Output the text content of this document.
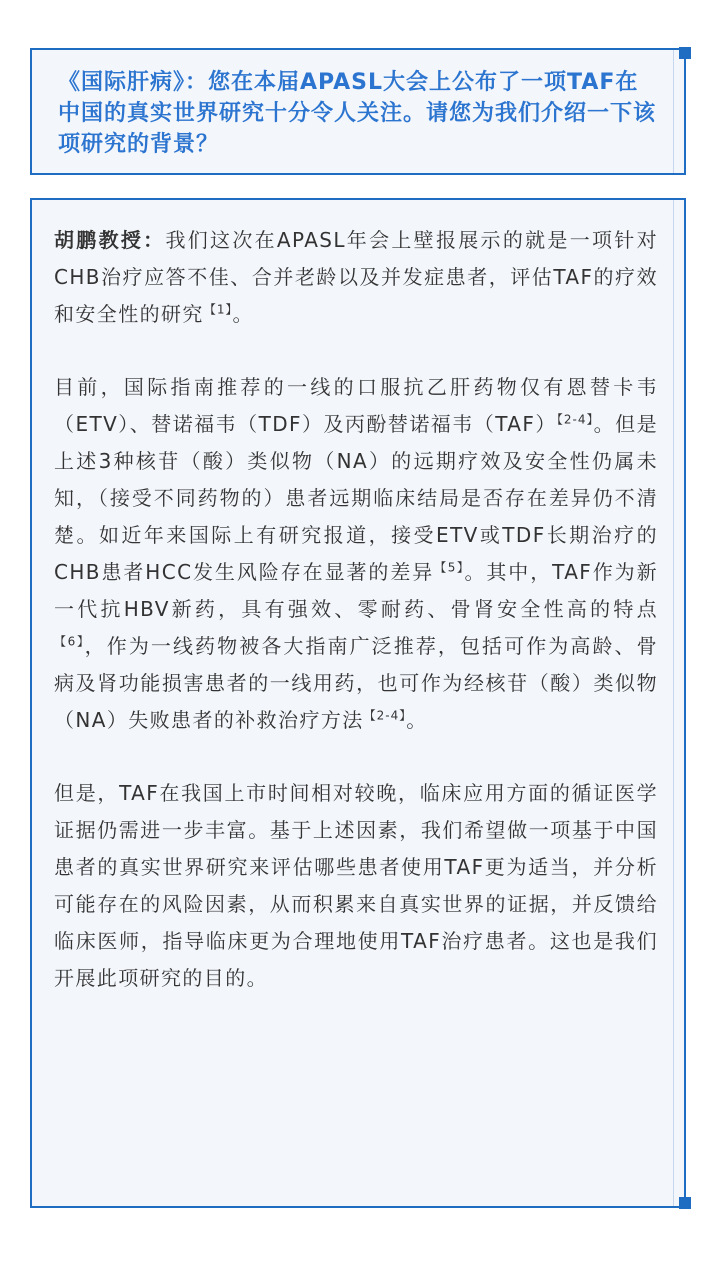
《国际肝病》：您在本届APASL大会上公布了一项TAF在中国的真实世界研究十分令人关注。请您为我们介绍一下该项研究的背景？

胡鹏教授：我们这次在APASL年会上壁报展示的就是一项针对CHB治疗应答不佳、合并老龄以及并发症患者，评估TAF的疗效和安全性的研究$^{【1】}$。

目前，国际指南推荐的一线的口服抗乙肝药物仅有恩替卡韦（ETV）、替诺福韦（TDF）及丙酚替诺福韦（TAF）$^{【2-4】}$。但是上述3种核苷（酸）类似物（NA）的远期疗效及安全性仍属未知，（接受不同药物的）患者远期临床结局是否存在差异仍不清楚。如近年来国际上有研究报道，接受ETV或TDF长期治疗的CHB患者HCC发生风险存在显著的差异$^{【5】}$。其中，TAF作为新一代抗HBV新药，具有强效、零耐药、骨肾安全性高的特点$^{【6】}$，作为一线药物被各大指南广泛推荐，包括可作为高龄、骨病及肾功能损害患者的一线用药，也可作为经核苷（酸）类似物（NA）失败患者的补救治疗方法$^{【2-4】}$。

但是，TAF在我国上市时间相对较晚，临床应用方面的循证医学证据仍需进一步丰富。基于上述因素，我们希望做一项基于中国患者的真实世界研究来评估哪些患者使用TAF更为适当，并分析可能存在的风险因素，从而积累来自真实世界的证据，并反馈给临床医师，指导临床更为合理地使用TAF治疗患者。这也是我们开展此项研究的目的。
